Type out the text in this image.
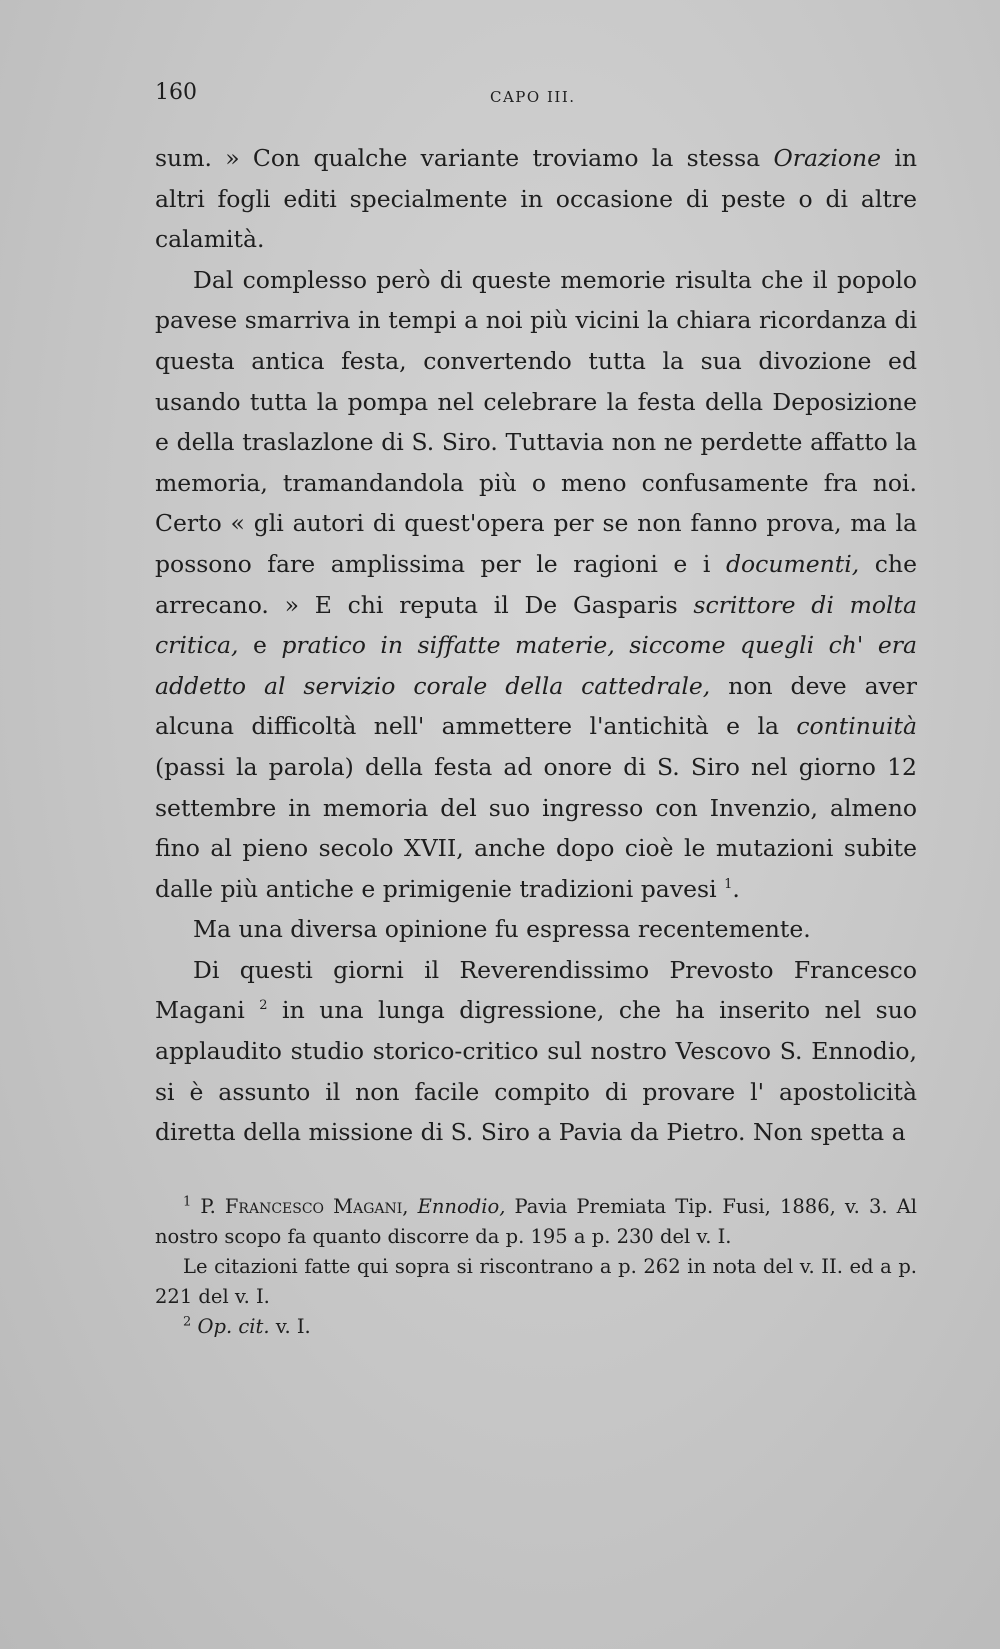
160	CAPO III.

sum. » Con qualche variante troviamo la stessa Orazione in altri fogli editi specialmente in occasione di peste o di altre calamità.

Dal complesso però di queste memorie risulta che il popolo pavese smarriva in tempi a noi più vicini la chiara ricordanza di questa antica festa, convertendo tutta la sua divozione ed usando tutta la pompa nel celebrare la festa della Deposizione e della traslazlone di S. Siro. Tuttavia non ne perdette affatto la memoria, tramandandola più o meno confusamente fra noi. Certo « gli autori di quest'opera per se non fanno prova, ma la possono fare amplissima per le ragioni e i documenti, che arrecano. » E chi reputa il De Gasparis scrittore di molta critica, e pratico in siffatte materie, siccome quegli ch' era addetto al servizio corale della cattedrale, non deve aver alcuna difficoltà nell' ammettere l'antichità e la continuità (passi la parola) della festa ad onore di S. Siro nel giorno 12 settembre in memoria del suo ingresso con Invenzio, almeno fino al pieno secolo XVII, anche dopo cioè le mutazioni subite dalle più antiche e primigenie tradizioni pavesi $^1$.

Ma una diversa opinione fu espressa recentemente.

Di questi giorni il Reverendissimo Prevosto Francesco Magani $^2$ in una lunga digressione, che ha inserito nel suo applaudito studio storico-critico sul nostro Vescovo S. Ennodio, si è assunto il non facile compito di provare l' apostolicità diretta della missione di S. Siro a Pavia da Pietro. Non spetta a

$^1$ P. Francesco Magani, Ennodio, Pavia Premiata Tip. Fusi, 1886, v. 3. Al nostro scopo fa quanto discorre da p. 195 a p. 230 del v. I.

Le citazioni fatte qui sopra si riscontrano a p. 262 in nota del v. II. ed a p. 221 del v. I.

$^2$ Op. cit. v. I.
